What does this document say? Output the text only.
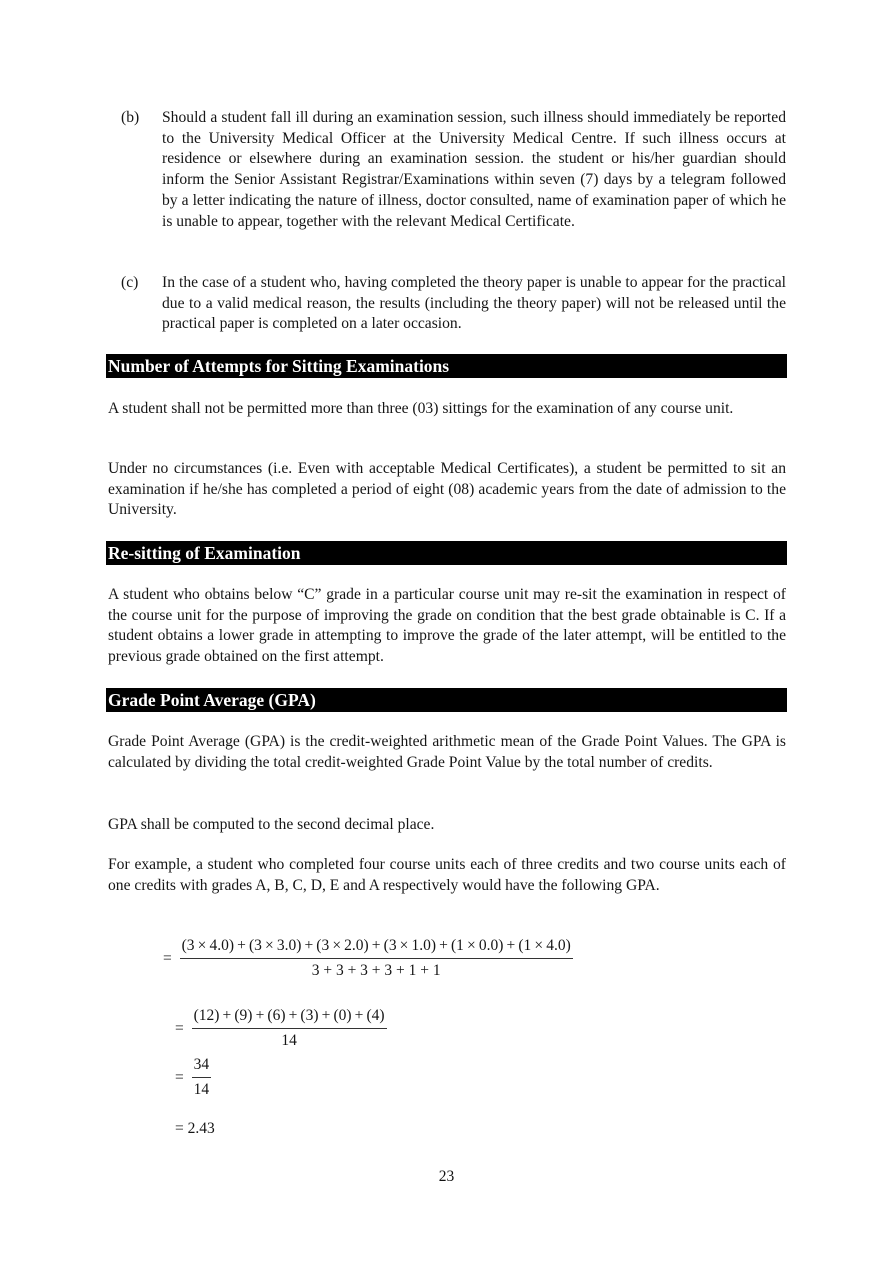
(b)	Should a student fall ill during an examination session, such illness should immediately be reported to the University Medical Officer at the University Medical Centre. If such illness occurs at residence or elsewhere during an examination session. the student or his/her guardian should inform the Senior Assistant Registrar/Examinations within seven (7) days by a telegram followed by a letter indicating the nature of illness, doctor consulted, name of examination paper of which he is unable to appear, together with the relevant Medical Certificate.
(c)	In the case of a student who, having completed the theory paper is unable to appear for the practical due to a valid medical reason, the results (including the theory paper) will not be released until the practical paper is completed on a later occasion.
Number of Attempts for Sitting Examinations
A student shall not be permitted more than three (03) sittings for the examination of any course unit.
Under no circumstances (i.e. Even with acceptable Medical Certificates), a student be permitted to sit an examination if he/she has completed a period of eight (08) academic years from the date of admission to the University.
Re-sitting of Examination
A student who obtains below “C” grade in a particular course unit may re-sit the examination in respect of the course unit for the purpose of improving the grade on condition that the best grade obtainable is C. If a student obtains a lower grade in attempting to improve the grade of the later attempt, will be entitled to the previous grade obtained on the first attempt.
Grade Point Average (GPA)
Grade Point Average (GPA) is the credit-weighted arithmetic mean of the Grade Point Values. The GPA is calculated by dividing the total credit-weighted Grade Point Value by the total number of credits.
GPA shall be computed to the second decimal place.
For example, a student who completed four course units each of three credits and two course units each of one credits with grades A, B, C, D, E and A respectively would have the following GPA.
=
(3 × 4.0) + (3 × 3.0) + (3 × 2.0) + (3 × 1.0) + (1 × 0.0) + (1 × 4.0)
3 + 3 + 3 + 3 + 1 + 1
= $\frac{(12) + (9) + (6) + (3) + (0) + (4)}{14}$
= $\frac{34}{14}$
= 2.43
23
